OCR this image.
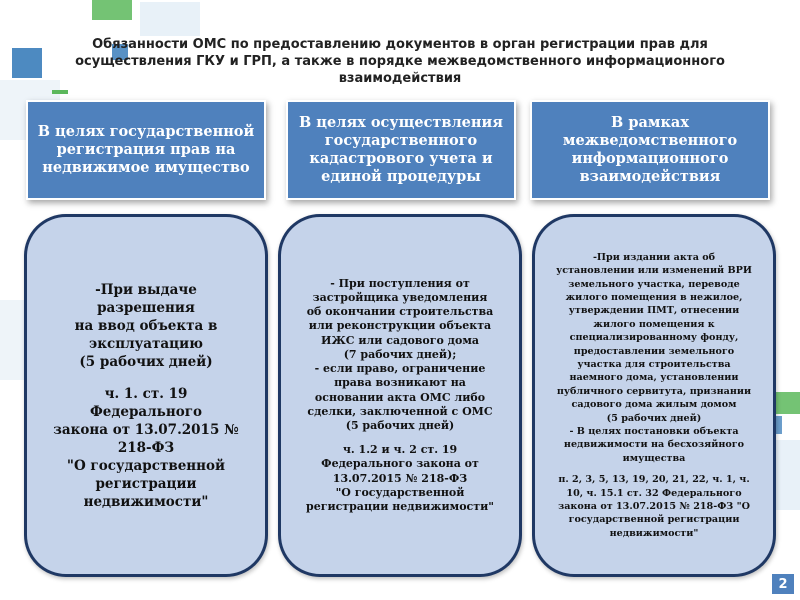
Обязанности ОМС по предоставлению документов в орган регистрации прав для
осуществления ГКУ и ГРП, а также в порядке межведомственного информационного
взаимодействия
В целях государственной
регистрация прав на
недвижимое имущество
В целях осуществления
государственного
кадастрового учета и
единой процедуры
В рамках
межведомственного
информационного
взаимодействия

-При выдаче разрешения

на ввод объекта в

эксплуатацию

(5 рабочих дней)

ч. 1. ст. 19 Федерального

закона от 13.07.2015 №

218-ФЗ

"О государственной

регистрации

недвижимости"

- При поступления от

застройщика уведомления

об окончании строительства

или реконструкции объекта

ИЖС или садового дома

(7 рабочих дней);

- если право, ограничение

права возникают на

основании акта ОМС либо

сделки, заключенной с ОМС

(5 рабочих дней)

ч. 1.2 и ч. 2 ст. 19

Федерального закона от

13.07.2015 № 218-ФЗ

"О государственной

регистрации недвижимости"

-При издании акта об

установлении или изменений ВРИ

земельного участка, переводе

жилого помещения в нежилое,

утверждении ПМТ, отнесении

жилого помещения к

специализированному фонду,

предоставлении земельного

участка для строительства

наемного дома, установлении

публичного сервитута, признании

садового дома жилым домом

(5 рабочих дней)

- В целях постановки объекта

недвижимости на бесхозяйного

имущества

п. 2, 3, 5, 13, 19, 20, 21, 22, ч. 1, ч.

10, ч. 15.1 ст. 32 Федерального

закона от 13.07.2015 № 218-ФЗ "О

государственной регистрации

недвижимости"

2
